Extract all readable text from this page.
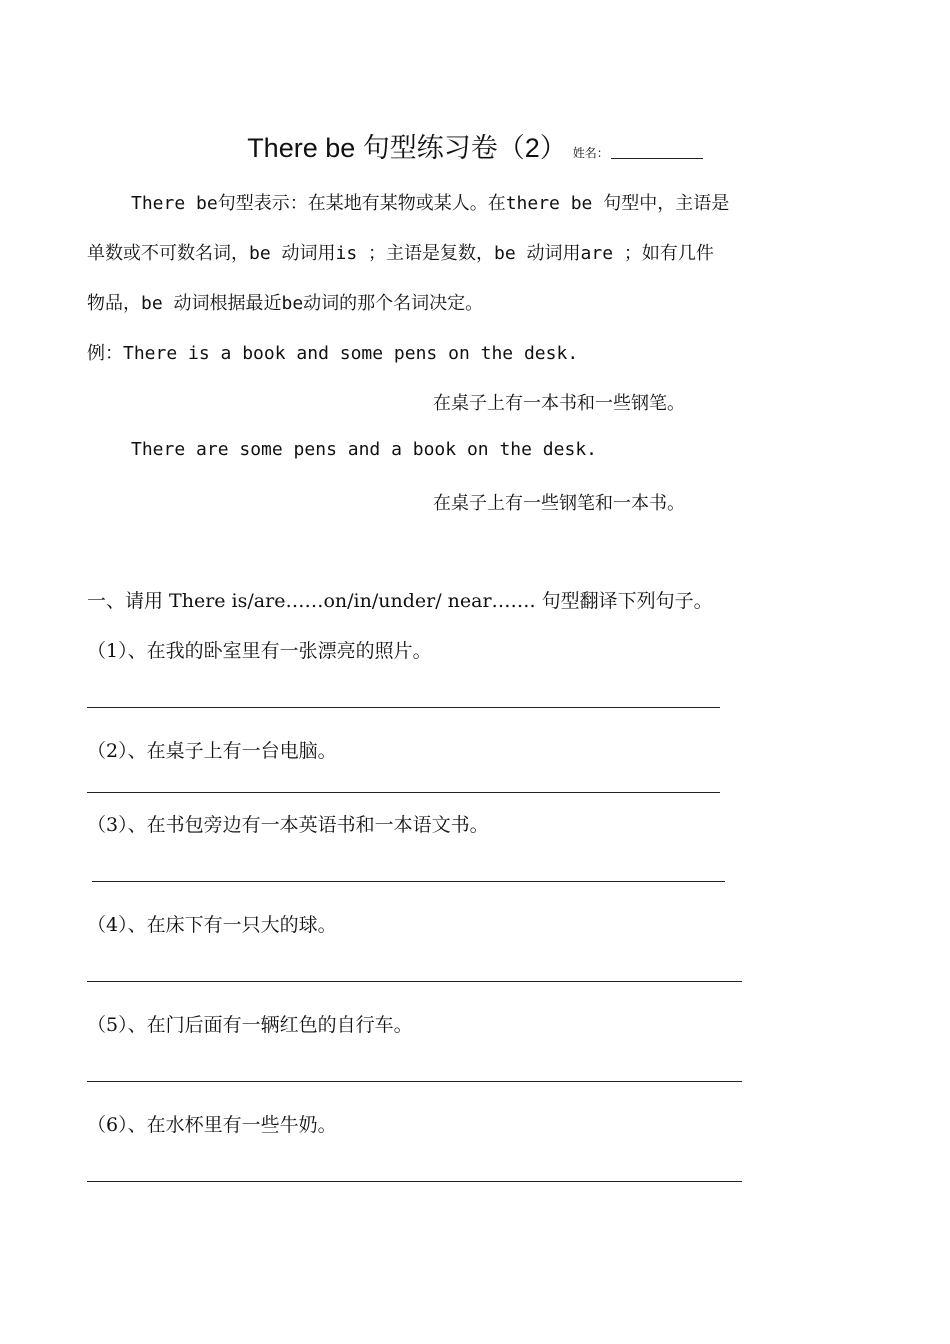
There be 句型练习卷（2） 姓名：
There be句型表示：在某地有某物或某人。在there be 句型中，主语是
单数或不可数名词，be 动词用is ；主语是复数，be 动词用are ；如有几件
物品，be 动词根据最近be动词的那个名词决定。
例：There is a book and some pens on the desk.
在桌子上有一本书和一些钢笔。
There are some pens and a book on the desk.
在桌子上有一些钢笔和一本书。
一、请用 There is/are……on/in/under/ near……. 句型翻译下列句子。
（1）、在我的卧室里有一张漂亮的照片。
（2）、在桌子上有一台电脑。
（3）、在书包旁边有一本英语书和一本语文书。
（4）、在床下有一只大的球。
（5）、在门后面有一辆红色的自行车。
（6）、在水杯里有一些牛奶。
